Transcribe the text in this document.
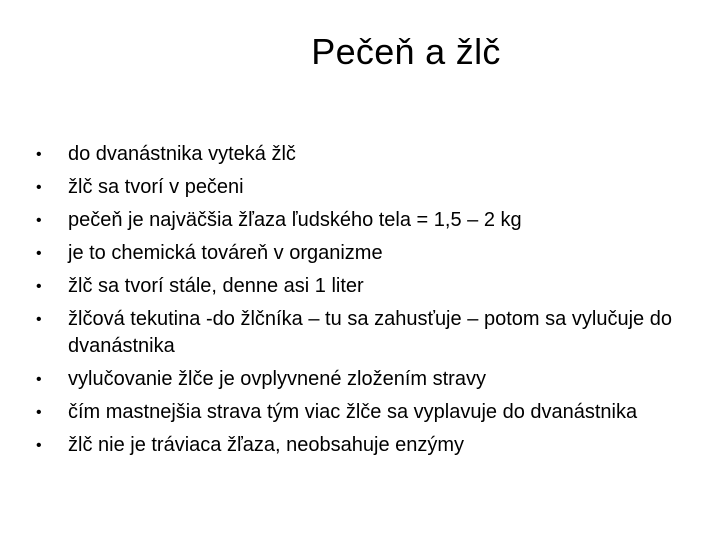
Pečeň a žlč
• do dvanástnika vyteká žlč
• žlč sa tvorí v pečeni
• pečeň je najväčšia žľaza ľudského tela = 1,5 – 2 kg
• je to chemická továreň v organizme
• žlč sa tvorí stále, denne asi 1 liter
• žlčová tekutina -do žlčníka – tu sa zahusťuje – potom sa vylučuje do dvanástnika
• vylučovanie žlče je ovplyvnené zložením stravy
• čím mastnejšia strava tým viac žlče sa vyplavuje do dvanástnika
• žlč nie je tráviaca žľaza, neobsahuje enzýmy
